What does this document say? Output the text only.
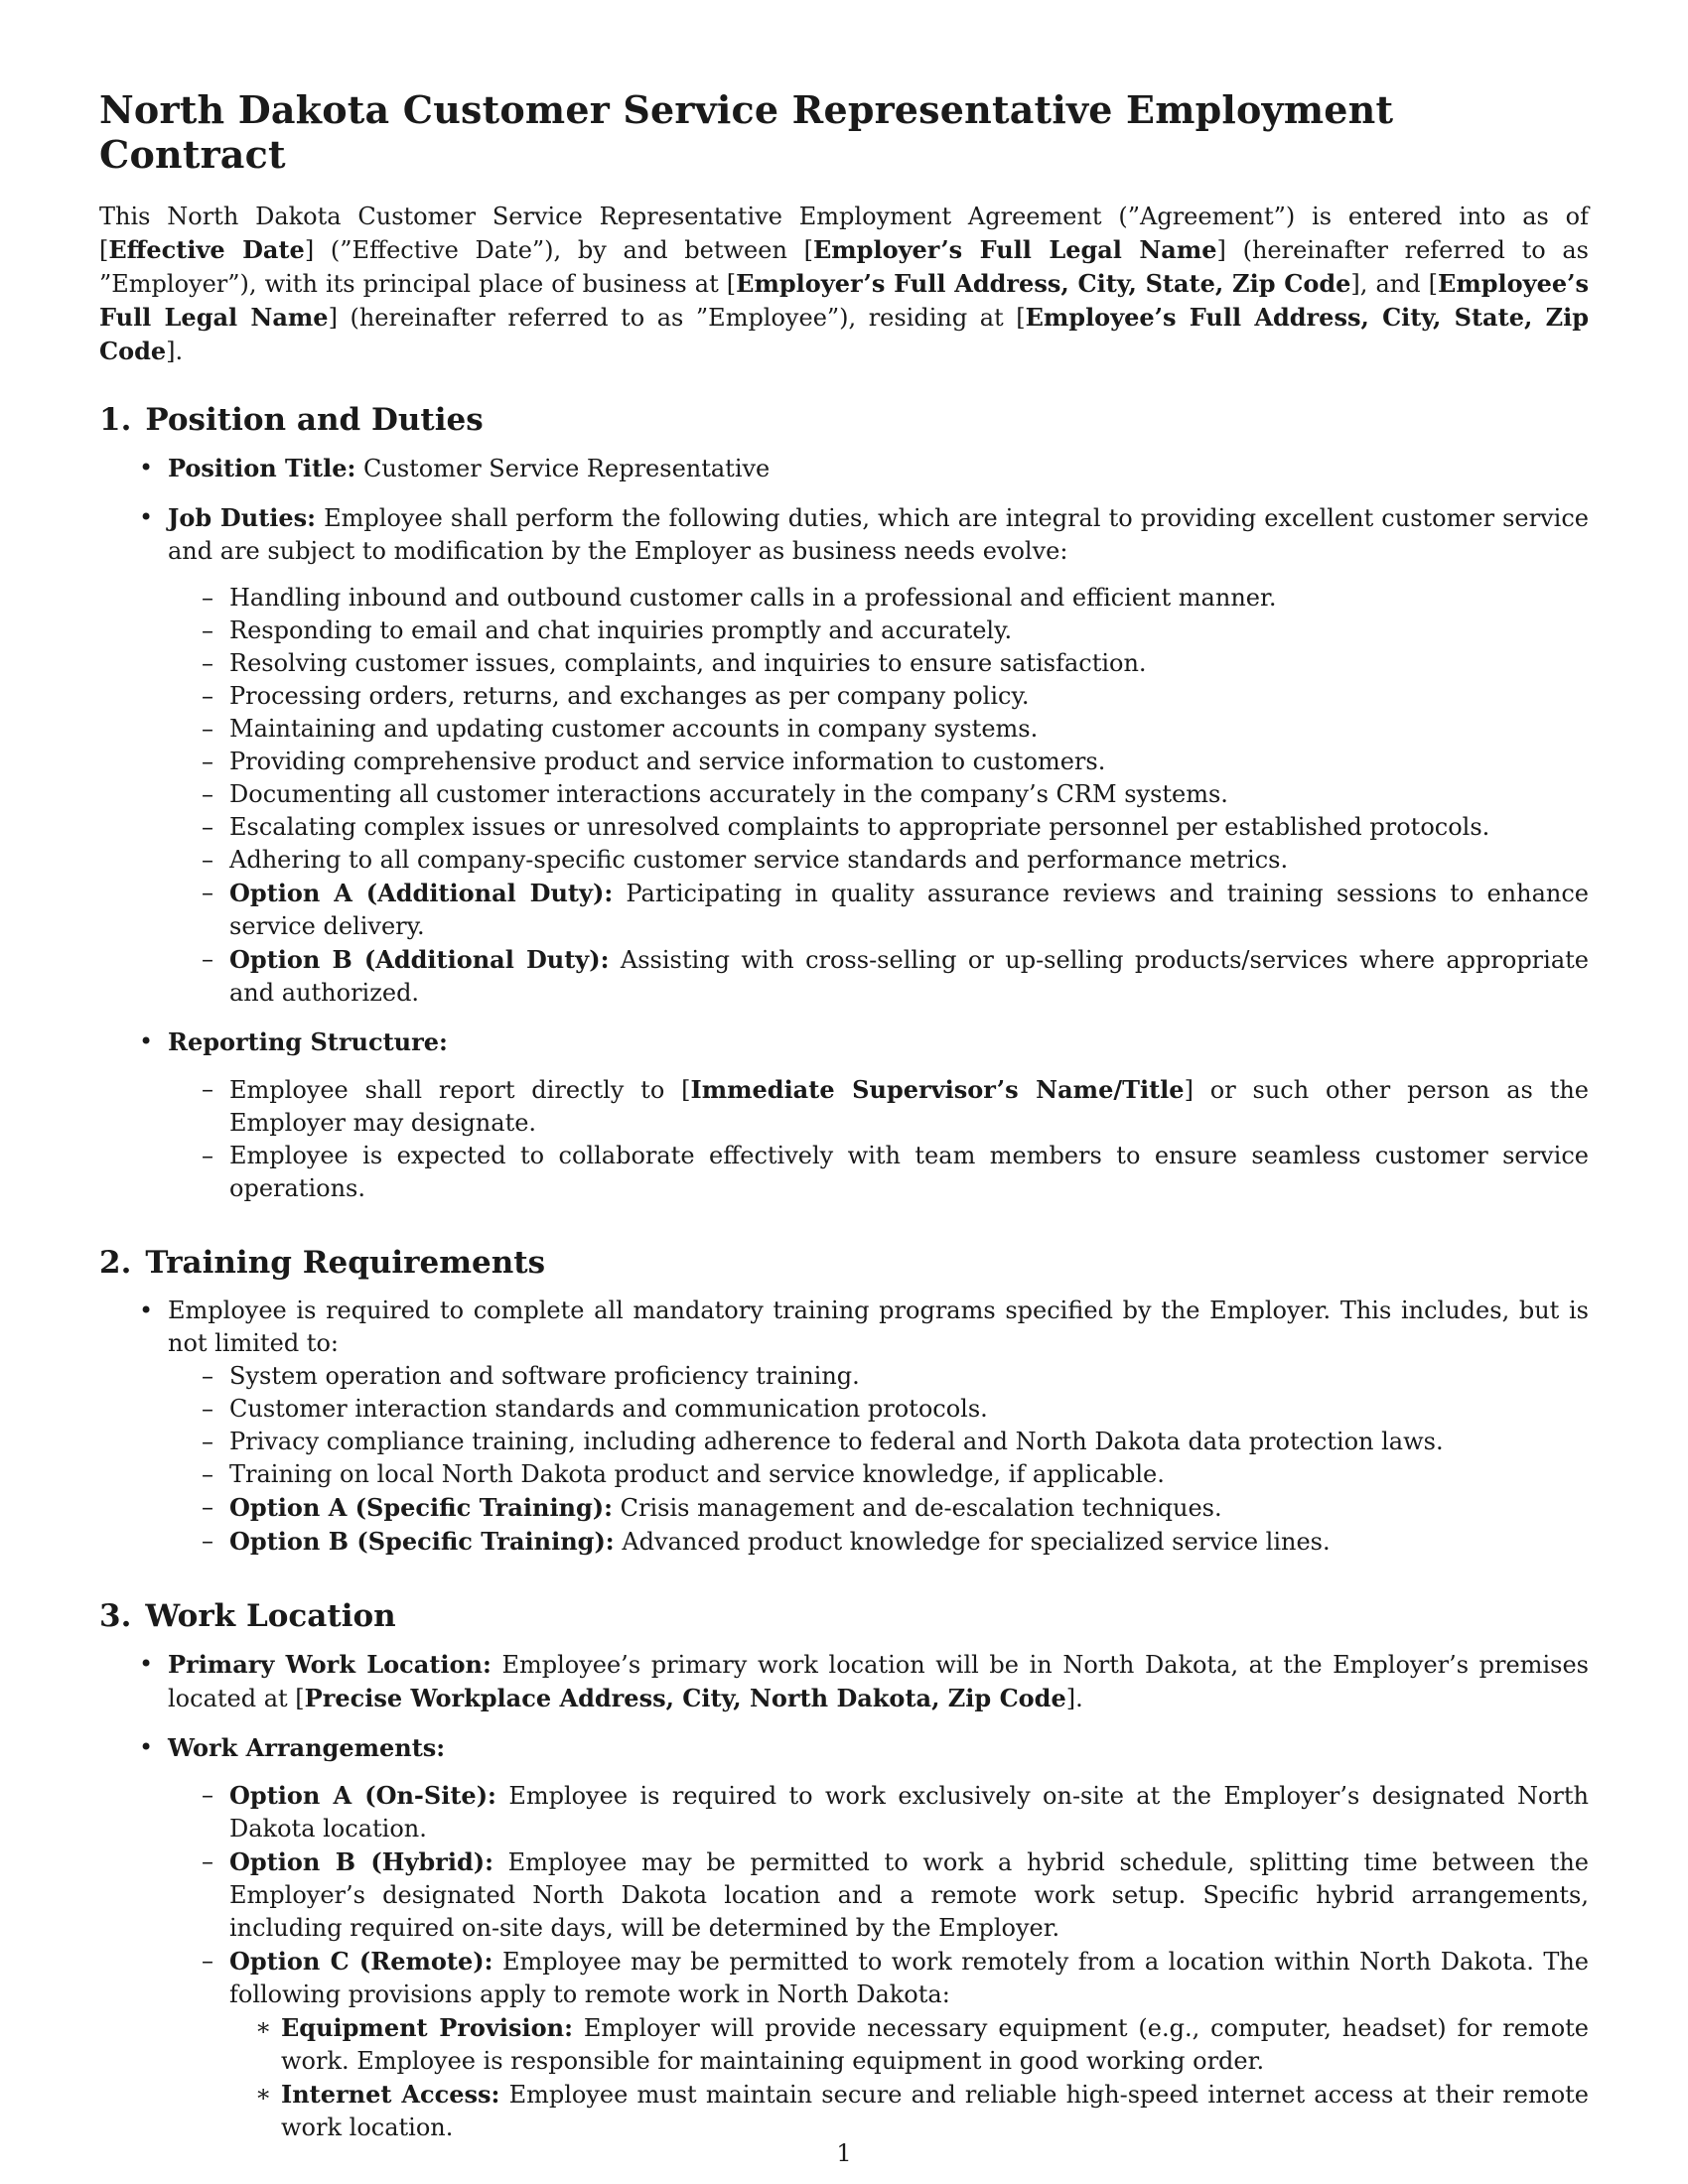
North Dakota Customer Service Representative Employment Contract

This North Dakota Customer Service Representative Employment Agreement (”Agreement”) is entered into as of [Effective Date] (”Effective Date”), by and between [Employer’s Full Legal Name] (hereinafter referred to as ”Employer”), with its principal place of business at [Employer’s Full Address, City, State, Zip Code], and [Employee’s Full Legal Name] (hereinafter referred to as ”Employee”), residing at [Employee’s Full Address, City, State, Zip Code].

1. Position and Duties
• Position Title: Customer Service Representative
• Job Duties: Employee shall perform the following duties, which are integral to providing excellent customer service and are subject to modification by the Employer as business needs evolve:
– Handling inbound and outbound customer calls in a professional and efficient manner.
– Responding to email and chat inquiries promptly and accurately.
– Resolving customer issues, complaints, and inquiries to ensure satisfaction.
– Processing orders, returns, and exchanges as per company policy.
– Maintaining and updating customer accounts in company systems.
– Providing comprehensive product and service information to customers.
– Documenting all customer interactions accurately in the company’s CRM systems.
– Escalating complex issues or unresolved complaints to appropriate personnel per established protocols.
– Adhering to all company-specific customer service standards and performance metrics.
– Option A (Additional Duty): Participating in quality assurance reviews and training sessions to enhance service delivery.
– Option B (Additional Duty): Assisting with cross-selling or up-selling products/services where appropriate and authorized.
• Reporting Structure:
– Employee shall report directly to [Immediate Supervisor’s Name/Title] or such other person as the Employer may designate.
– Employee is expected to collaborate effectively with team members to ensure seamless customer service operations.
2. Training Requirements
• Employee is required to complete all mandatory training programs specified by the Employer. This includes, but is not limited to:
– System operation and software proficiency training.
– Customer interaction standards and communication protocols.
– Privacy compliance training, including adherence to federal and North Dakota data protection laws.
– Training on local North Dakota product and service knowledge, if applicable.
– Option A (Specific Training): Crisis management and de-escalation techniques.
– Option B (Specific Training): Advanced product knowledge for specialized service lines.
3. Work Location
• Primary Work Location: Employee’s primary work location will be in North Dakota, at the Employer’s premises located at [Precise Workplace Address, City, North Dakota, Zip Code].
• Work Arrangements:
– Option A (On-Site): Employee is required to work exclusively on-site at the Employer’s designated North Dakota location.
– Option B (Hybrid): Employee may be permitted to work a hybrid schedule, splitting time between the Employer’s designated North Dakota location and a remote work setup. Specific hybrid arrangements, including required on-site days, will be determined by the Employer.
– Option C (Remote): Employee may be permitted to work remotely from a location within North Dakota. The following provisions apply to remote work in North Dakota:
∗ Equipment Provision: Employer will provide necessary equipment (e.g., computer, headset) for remote work. Employee is responsible for maintaining equipment in good working order.
∗ Internet Access: Employee must maintain secure and reliable high-speed internet access at their remote work location.
1
